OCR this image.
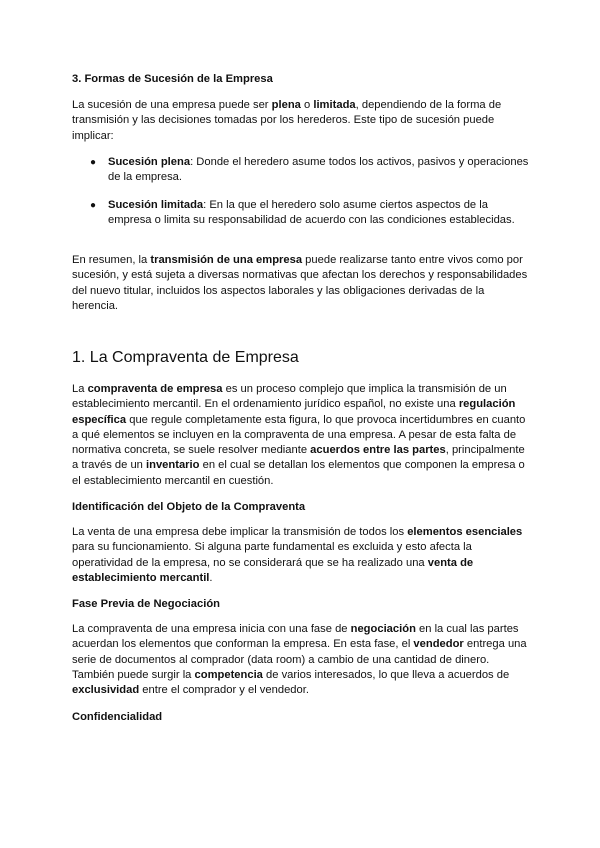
3. Formas de Sucesión de la Empresa

La sucesión de una empresa puede ser plena o limitada, dependiendo de la forma de transmisión y las decisiones tomadas por los herederos. Este tipo de sucesión puede implicar:

● Sucesión plena: Donde el heredero asume todos los activos, pasivos y operaciones de la empresa.
● Sucesión limitada: En la que el heredero solo asume ciertos aspectos de la empresa o limita su responsabilidad de acuerdo con las condiciones establecidas.

En resumen, la transmisión de una empresa puede realizarse tanto entre vivos como por sucesión, y está sujeta a diversas normativas que afectan los derechos y responsabilidades del nuevo titular, incluidos los aspectos laborales y las obligaciones derivadas de la herencia.

1. La Compraventa de Empresa

La compraventa de empresa es un proceso complejo que implica la transmisión de un establecimiento mercantil. En el ordenamiento jurídico español, no existe una regulación específica que regule completamente esta figura, lo que provoca incertidumbres en cuanto a qué elementos se incluyen en la compraventa de una empresa. A pesar de esta falta de normativa concreta, se suele resolver mediante acuerdos entre las partes, principalmente a través de un inventario en el cual se detallan los elementos que componen la empresa o el establecimiento mercantil en cuestión.

Identificación del Objeto de la Compraventa

La venta de una empresa debe implicar la transmisión de todos los elementos esenciales para su funcionamiento. Si alguna parte fundamental es excluida y esto afecta la operatividad de la empresa, no se considerará que se ha realizado una venta de establecimiento mercantil.

Fase Previa de Negociación

La compraventa de una empresa inicia con una fase de negociación en la cual las partes acuerdan los elementos que conforman la empresa. En esta fase, el vendedor entrega una serie de documentos al comprador (data room) a cambio de una cantidad de dinero. También puede surgir la competencia de varios interesados, lo que lleva a acuerdos de exclusividad entre el comprador y el vendedor.

Confidencialidad
